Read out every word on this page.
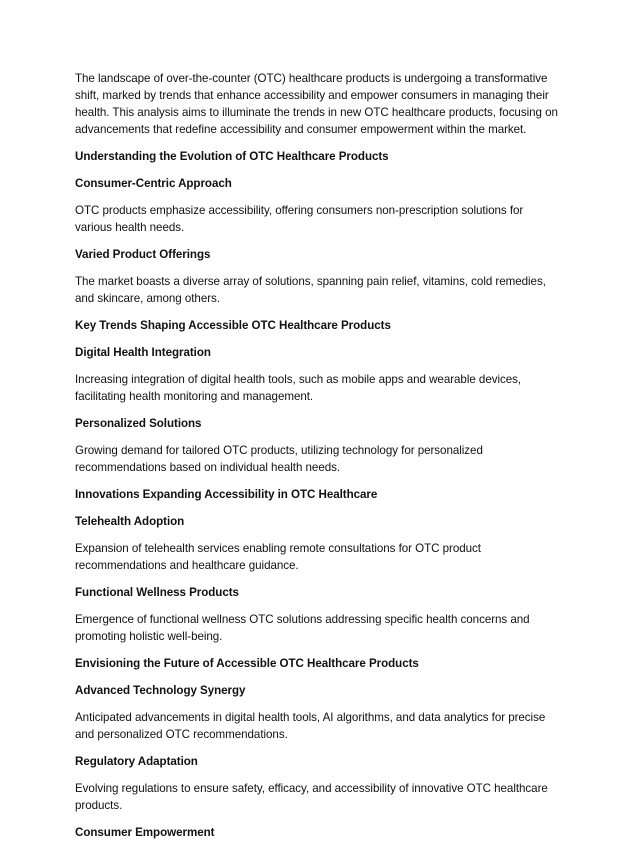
The landscape of over-the-counter (OTC) healthcare products is undergoing a transformative shift, marked by trends that enhance accessibility and empower consumers in managing their health. This analysis aims to illuminate the trends in new OTC healthcare products, focusing on advancements that redefine accessibility and consumer empowerment within the market.

Understanding the Evolution of OTC Healthcare Products

Consumer-Centric Approach

OTC products emphasize accessibility, offering consumers non-prescription solutions for various health needs.

Varied Product Offerings

The market boasts a diverse array of solutions, spanning pain relief, vitamins, cold remedies, and skincare, among others.

Key Trends Shaping Accessible OTC Healthcare Products

Digital Health Integration

Increasing integration of digital health tools, such as mobile apps and wearable devices, facilitating health monitoring and management.

Personalized Solutions

Growing demand for tailored OTC products, utilizing technology for personalized recommendations based on individual health needs.

Innovations Expanding Accessibility in OTC Healthcare

Telehealth Adoption

Expansion of telehealth services enabling remote consultations for OTC product recommendations and healthcare guidance.

Functional Wellness Products

Emergence of functional wellness OTC solutions addressing specific health concerns and promoting holistic well-being.

Envisioning the Future of Accessible OTC Healthcare Products

Advanced Technology Synergy

Anticipated advancements in digital health tools, AI algorithms, and data analytics for precise and personalized OTC recommendations.

Regulatory Adaptation

Evolving regulations to ensure safety, efficacy, and accessibility of innovative OTC healthcare products.

Consumer Empowerment
